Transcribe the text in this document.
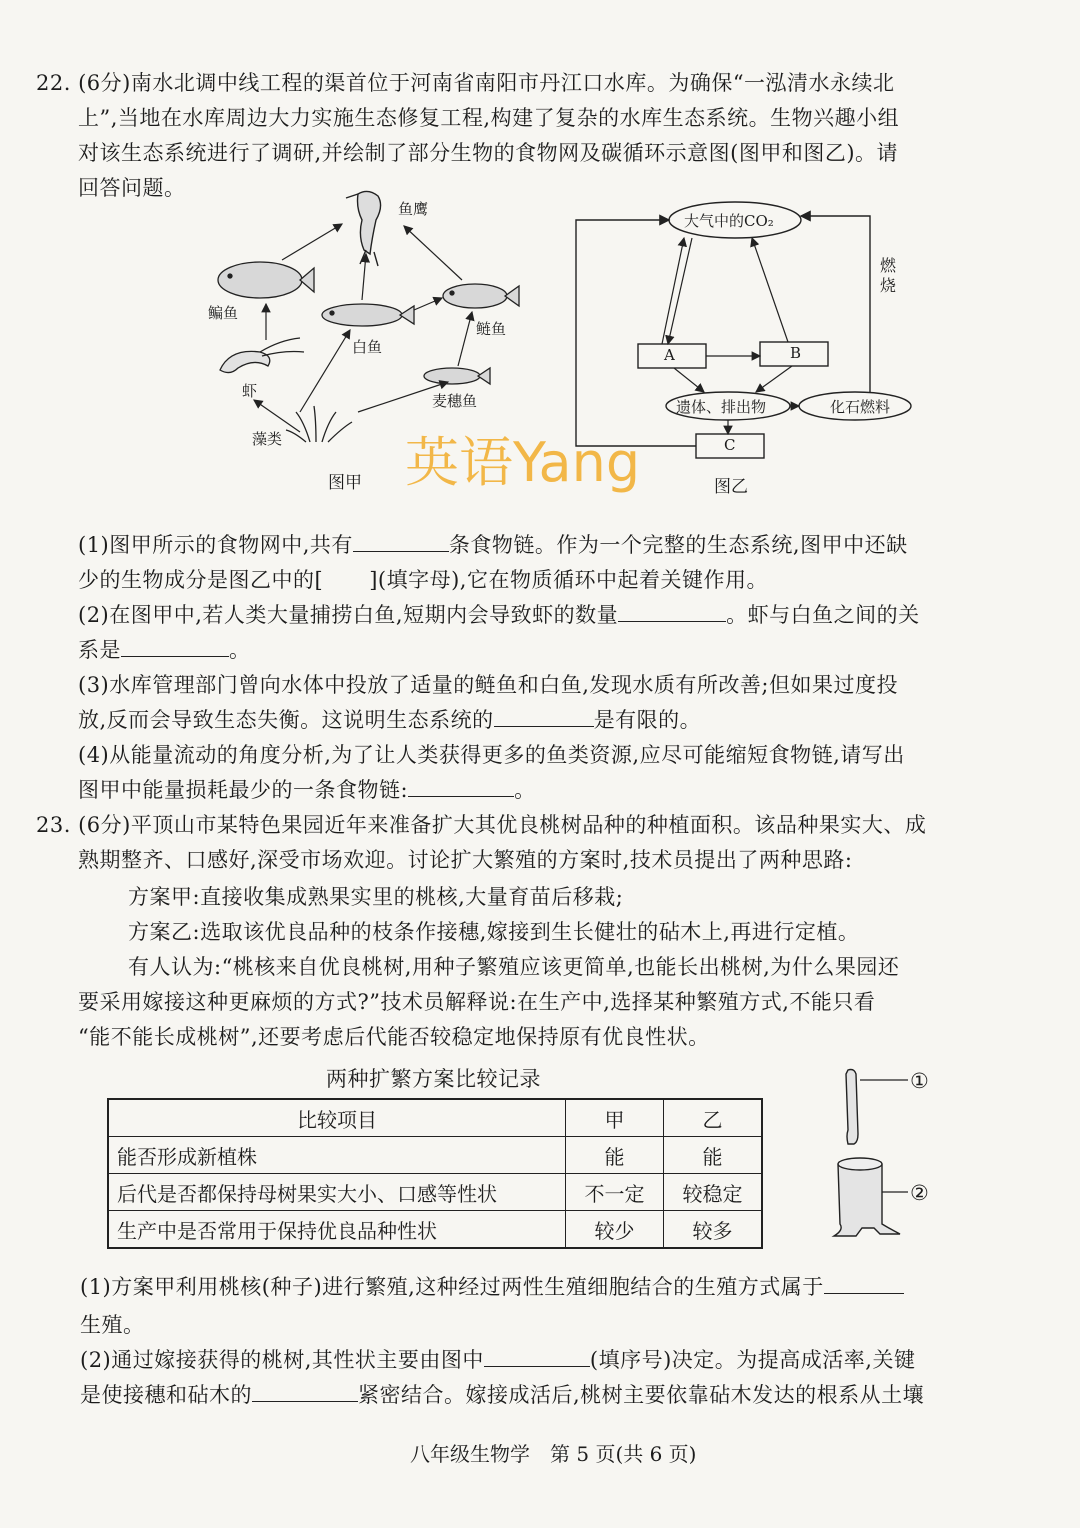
22. (6分)南水北调中线工程的渠首位于河南省南阳市丹江口水库。为确保“一泓清水永续北
上”,当地在水库周边大力实施生态修复工程,构建了复杂的水库生态系统。生物兴趣小组
对该生态系统进行了调研,并绘制了部分生物的食物网及碳循环示意图(图甲和图乙)。请
回答问题。
鱼鹰
鳊鱼
白鱼
鲢鱼
虾
麦穗鱼
藻类
图甲
大气中的CO₂
A	B
遗体、排出物	化石燃料
C
燃烧
图乙
英语Yang
(1)图甲所示的食物网中,共有	条食物链。作为一个完整的生态系统,图甲中还缺
少的生物成分是图乙中的[ ](填字母),它在物质循环中起着关键作用。
(2)在图甲中,若人类大量捕捞白鱼,短期内会导致虾的数量	。虾与白鱼之间的关
系是	。
(3)水库管理部门曾向水体中投放了适量的鲢鱼和白鱼,发现水质有所改善;但如果过度投
放,反而会导致生态失衡。这说明生态系统的	是有限的。
(4)从能量流动的角度分析,为了让人类获得更多的鱼类资源,应尽可能缩短食物链,请写出
图甲中能量损耗最少的一条食物链:	。
23. (6分)平顶山市某特色果园近年来准备扩大其优良桃树品种的种植面积。该品种果实大、成
熟期整齐、口感好,深受市场欢迎。讨论扩大繁殖的方案时,技术员提出了两种思路:
方案甲:直接收集成熟果实里的桃核,大量育苗后移栽;
方案乙:选取该优良品种的枝条作接穗,嫁接到生长健壮的砧木上,再进行定植。
有人认为:“桃核来自优良桃树,用种子繁殖应该更简单,也能长出桃树,为什么果园还
要采用嫁接这种更麻烦的方式?”技术员解释说:在生产中,选择某种繁殖方式,不能只看
“能不能长成桃树”,还要考虑后代能否较稳定地保持原有优良性状。
两种扩繁方案比较记录
比较项目	甲	乙
能否形成新植株	能	能
后代是否都保持母树果实大小、口感等性状	不一定	较稳定
生产中是否常用于保持优良品种性状	较少	较多
①
②
(1)方案甲利用桃核(种子)进行繁殖,这种经过两性生殖细胞结合的生殖方式属于
生殖。
(2)通过嫁接获得的桃树,其性状主要由图中	(填序号)决定。为提高成活率,关键
是使接穗和砧木的	紧密结合。嫁接成活后,桃树主要依靠砧木发达的根系从土壤
八年级生物学　第 5 页(共 6 页)
